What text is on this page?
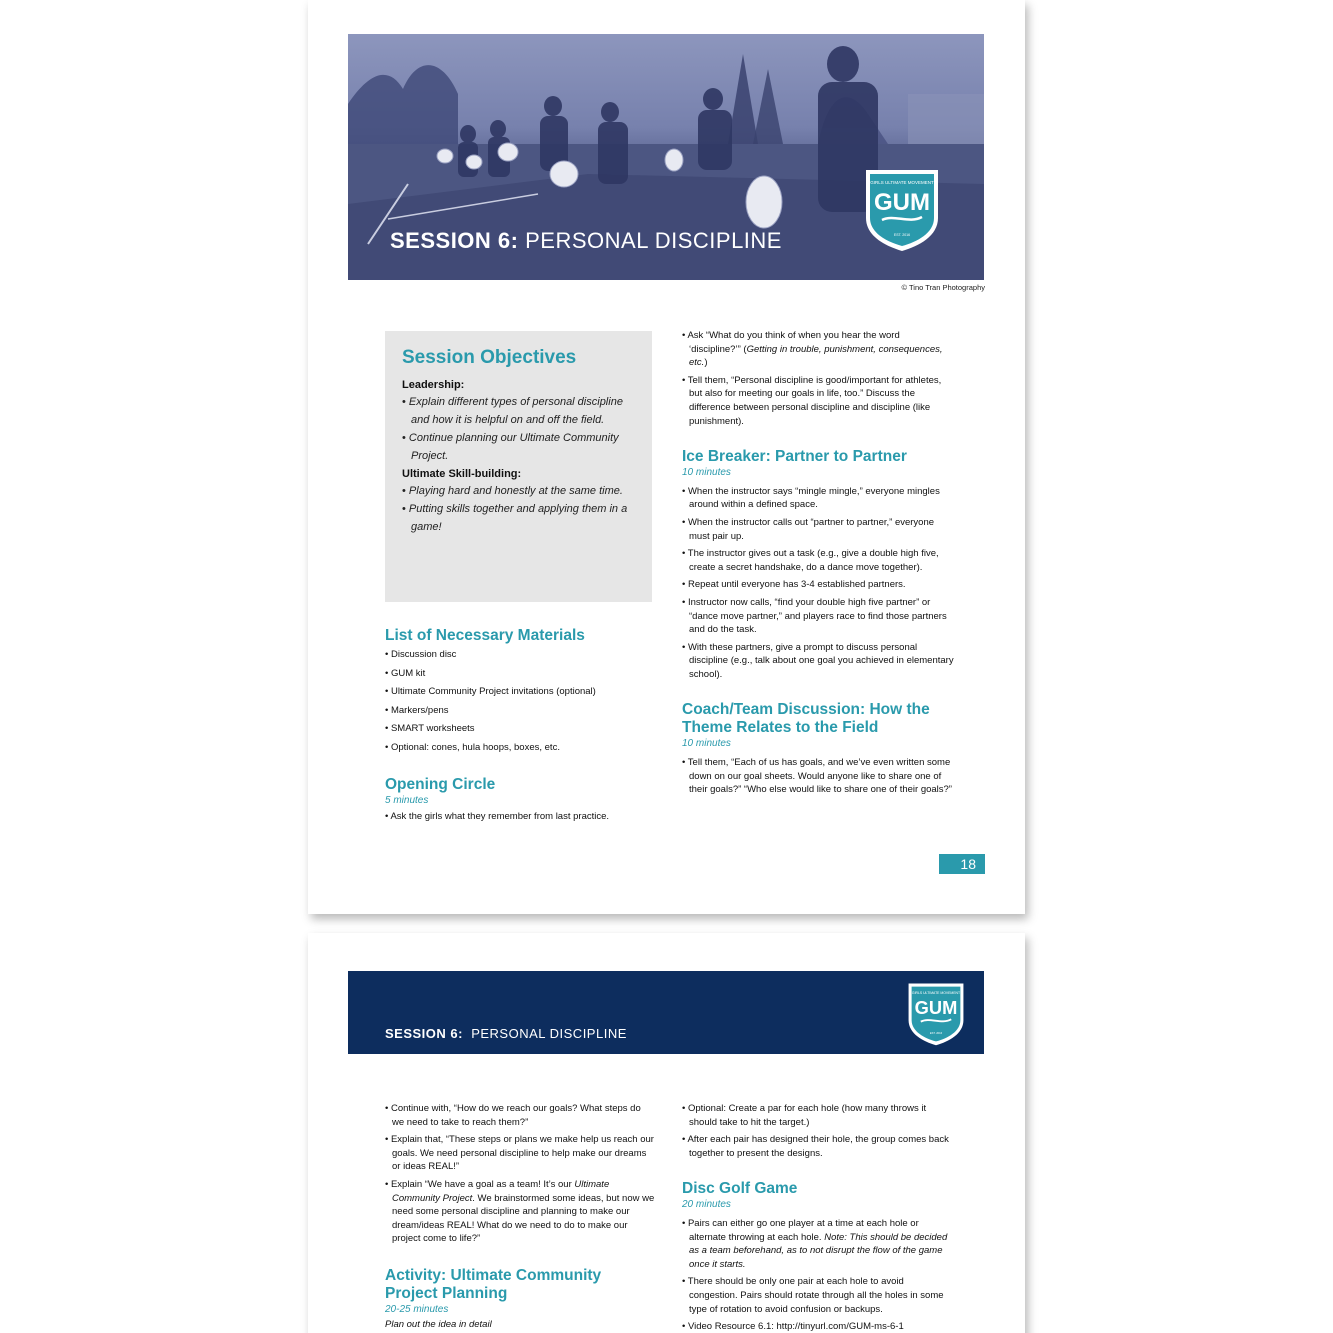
SESSION 6: PERSONAL DISCIPLINE
GIRLS ULTIMATE MOVEMENT
GUM
EST. 2016
© Tino Tran Photography
Session Objectives
Leadership:
• Explain different types of personal discipline and how it is helpful on and off the field.
• Continue planning our Ultimate Community Project.
Ultimate Skill-building:
• Playing hard and honestly at the same time.
• Putting skills together and applying them in a game!
List of Necessary Materials
• Discussion disc
• GUM kit
• Ultimate Community Project invitations (optional)
• Markers/pens
• SMART worksheets
• Optional: cones, hula hoops, boxes, etc.
Opening Circle
5 minutes
• Ask the girls what they remember from last practice.
• Ask “What do you think of when you hear the word ‘discipline?’” (Getting in trouble, punishment, consequences, etc.)
• Tell them, “Personal discipline is good/important for athletes, but also for meeting our goals in life, too.” Discuss the difference between personal discipline and discipline (like punishment).
Ice Breaker: Partner to Partner
10 minutes
• When the instructor says “mingle mingle,” everyone mingles around within a defined space.
• When the instructor calls out “partner to partner,” everyone must pair up.
• The instructor gives out a task (e.g., give a double high five, create a secret handshake, do a dance move together).
• Repeat until everyone has 3-4 established partners.
• Instructor now calls, “find your double high five partner” or “dance move partner,” and players race to find those partners and do the task.
• With these partners, give a prompt to discuss personal discipline (e.g., talk about one goal you achieved in elementary school).
Coach/Team Discussion: How the Theme Relates to the Field
10 minutes
• Tell them, “Each of us has goals, and we’ve even written some down on our goal sheets. Would anyone like to share one of their goals?” “Who else would like to share one of their goals?”
18
SESSION 6: PERSONAL DISCIPLINE
GIRLS ULTIMATE MOVEMENT
GUM
EST. 2016
• Continue with, “How do we reach our goals? What steps do we need to take to reach them?”
• Explain that, “These steps or plans we make help us reach our goals. We need personal discipline to help make our dreams or ideas REAL!”
• Explain “We have a goal as a team! It’s our Ultimate Community Project. We brainstormed some ideas, but now we need some personal discipline and planning to make our dream/ideas REAL! What do we need to do to make our project come to life?”
Activity: Ultimate Community Project Planning
20-25 minutes
Plan out the idea in detail
• Optional: Create a par for each hole (how many throws it should take to hit the target.)
• After each pair has designed their hole, the group comes back together to present the designs.
Disc Golf Game
20 minutes
• Pairs can either go one player at a time at each hole or alternate throwing at each hole. Note: This should be decided as a team beforehand, as to not disrupt the flow of the game once it starts.
• There should be only one pair at each hole to avoid congestion. Pairs should rotate through all the holes in some type of rotation to avoid confusion or backups.
• Video Resource 6.1: http://tinyurl.com/GUM-ms-6-1
